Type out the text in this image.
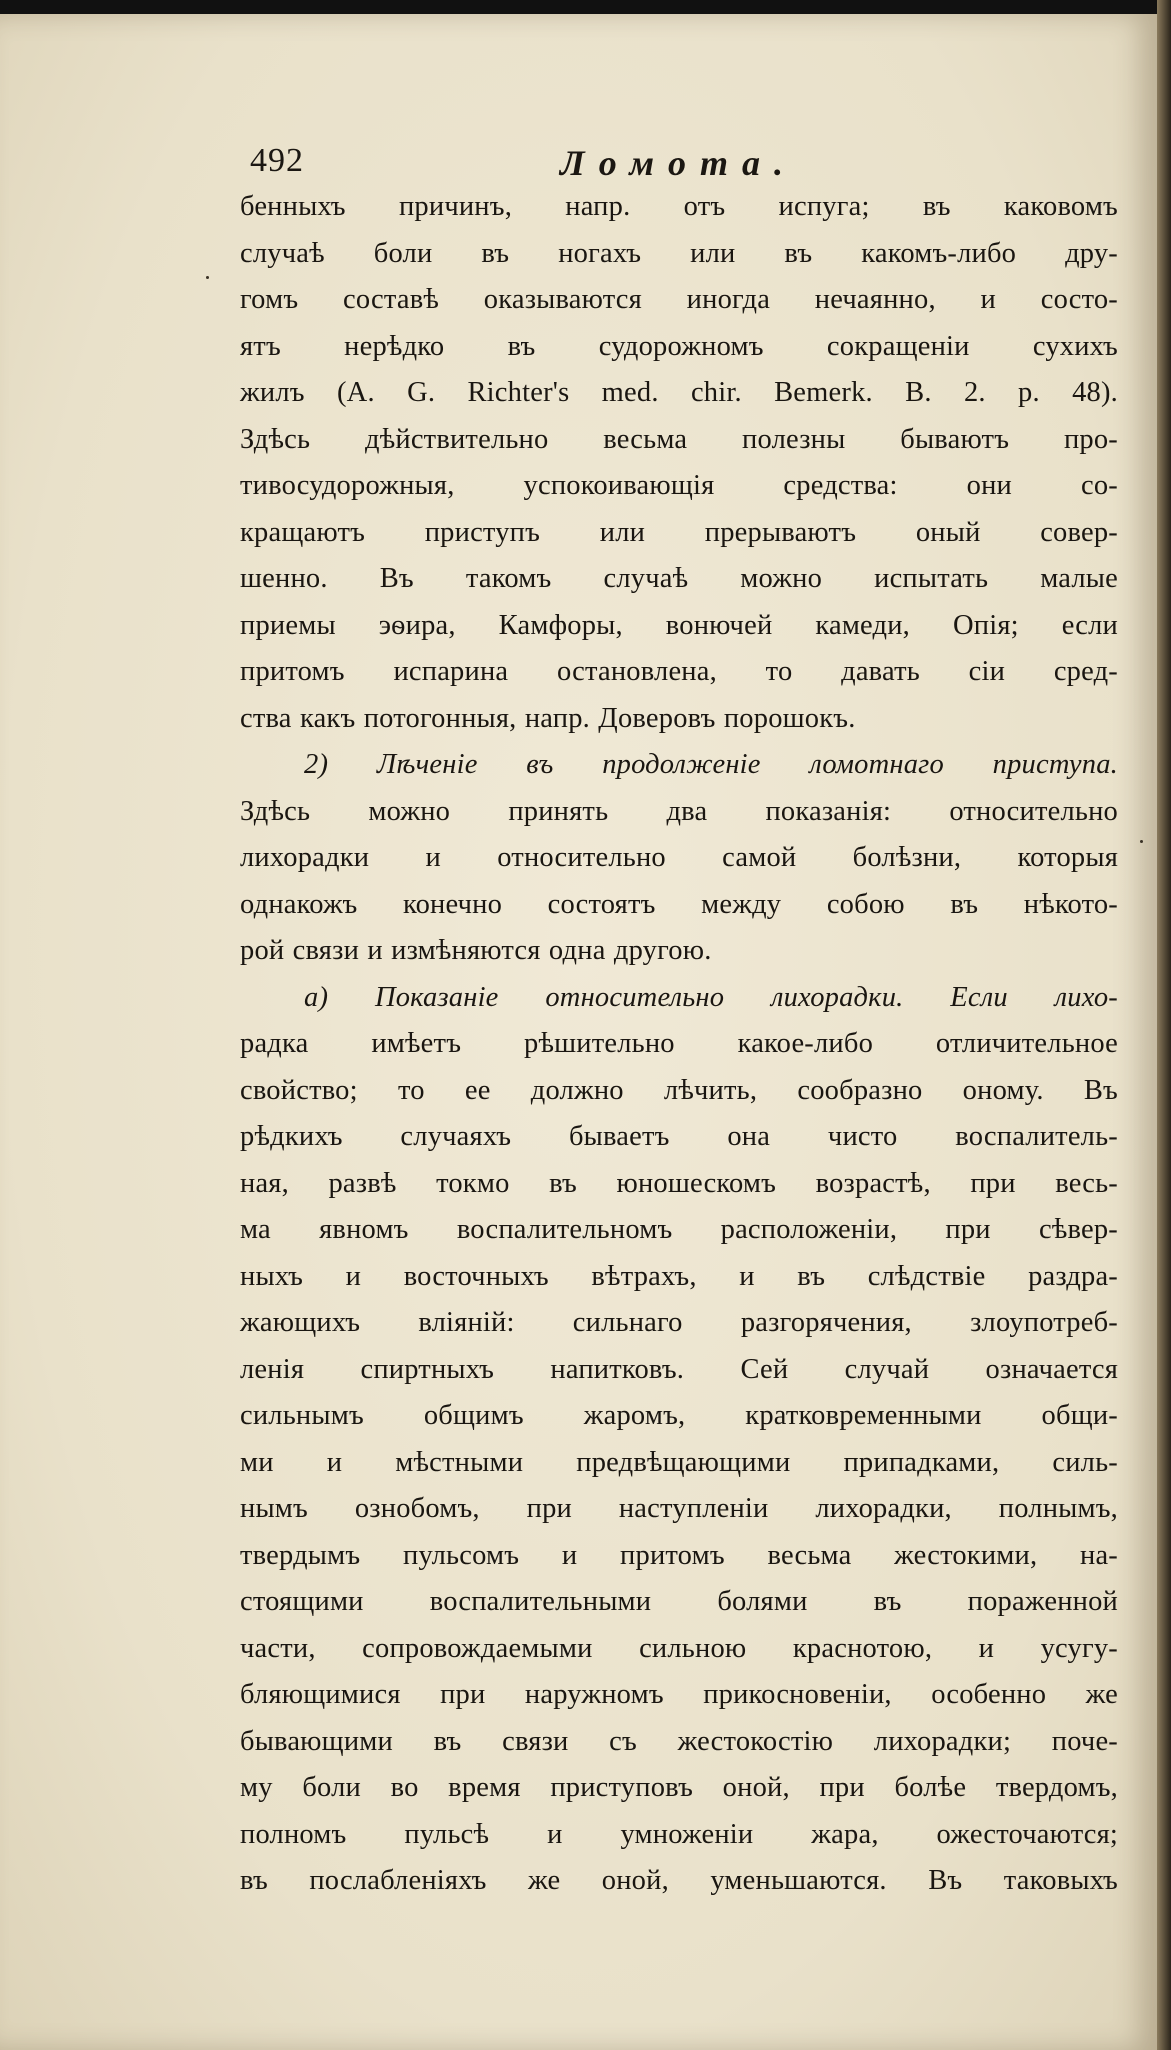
492	Ломота.
бенныхъ причинъ, напр. отъ испуга; въ каковомъ
случаѣ боли въ ногахъ или въ какомъ-либо дру-
гомъ составѣ оказываются иногда нечаянно, и состо-
ятъ нерѣдко въ судорожномъ сокращеніи сухихъ
жилъ (A. G. Richter's med. chir. Bemerk. B. 2. p. 48).
Здѣсь дѣйствительно весьма полезны бываютъ про-
тивосудорожныя, успокоивающія средства: они со-
кращаютъ приступъ или прерываютъ оный совер-
шенно. Въ такомъ случаѣ можно испытать малые
приемы эѳира, Камфоры, вонючей камеди, Опія; если
притомъ испарина остановлена, то давать сіи сред-
ства какъ потогонныя, напр. Доверовъ порошокъ.
2) Лѣченіе въ продолженіе ломотнаго приступа.
Здѣсь можно принять два показанія: относительно
лихорадки и относительно самой болѣзни, которыя
однакожъ конечно состоятъ между собою въ нѣкото-
рой связи и измѣняются одна другою.
a) Показаніе относительно лихорадки. Если лихо-
радка имѣетъ рѣшительно какое-либо отличительное
свойство; то ее должно лѣчить, сообразно оному. Въ
рѣдкихъ случаяхъ бываетъ она чисто воспалитель-
ная, развѣ токмо въ юношескомъ возрастѣ, при весь-
ма явномъ воспалительномъ расположеніи, при сѣвер-
ныхъ и восточныхъ вѣтрахъ, и въ слѣдствіе раздра-
жающихъ вліяній: сильнаго разгорячения, злоупотреб-
ленія спиртныхъ напитковъ. Сей случай означается
сильнымъ общимъ жаромъ, кратковременными общи-
ми и мѣстными предвѣщающими припадками, силь-
нымъ ознобомъ, при наступленіи лихорадки, полнымъ,
твердымъ пульсомъ и притомъ весьма жестокими, на-
стоящими воспалительными болями въ пораженной
части, сопровождаемыми сильною краснотою, и усугу-
бляющимися при наружномъ прикосновеніи, особенно же
бывающими въ связи съ жестокостію лихорадки; поче-
му боли во время приступовъ оной, при болѣе твердомъ,
полномъ пульсѣ и умноженіи жара, ожесточаются;
въ послабленіяхъ же оной, уменьшаются. Въ таковыхъ
